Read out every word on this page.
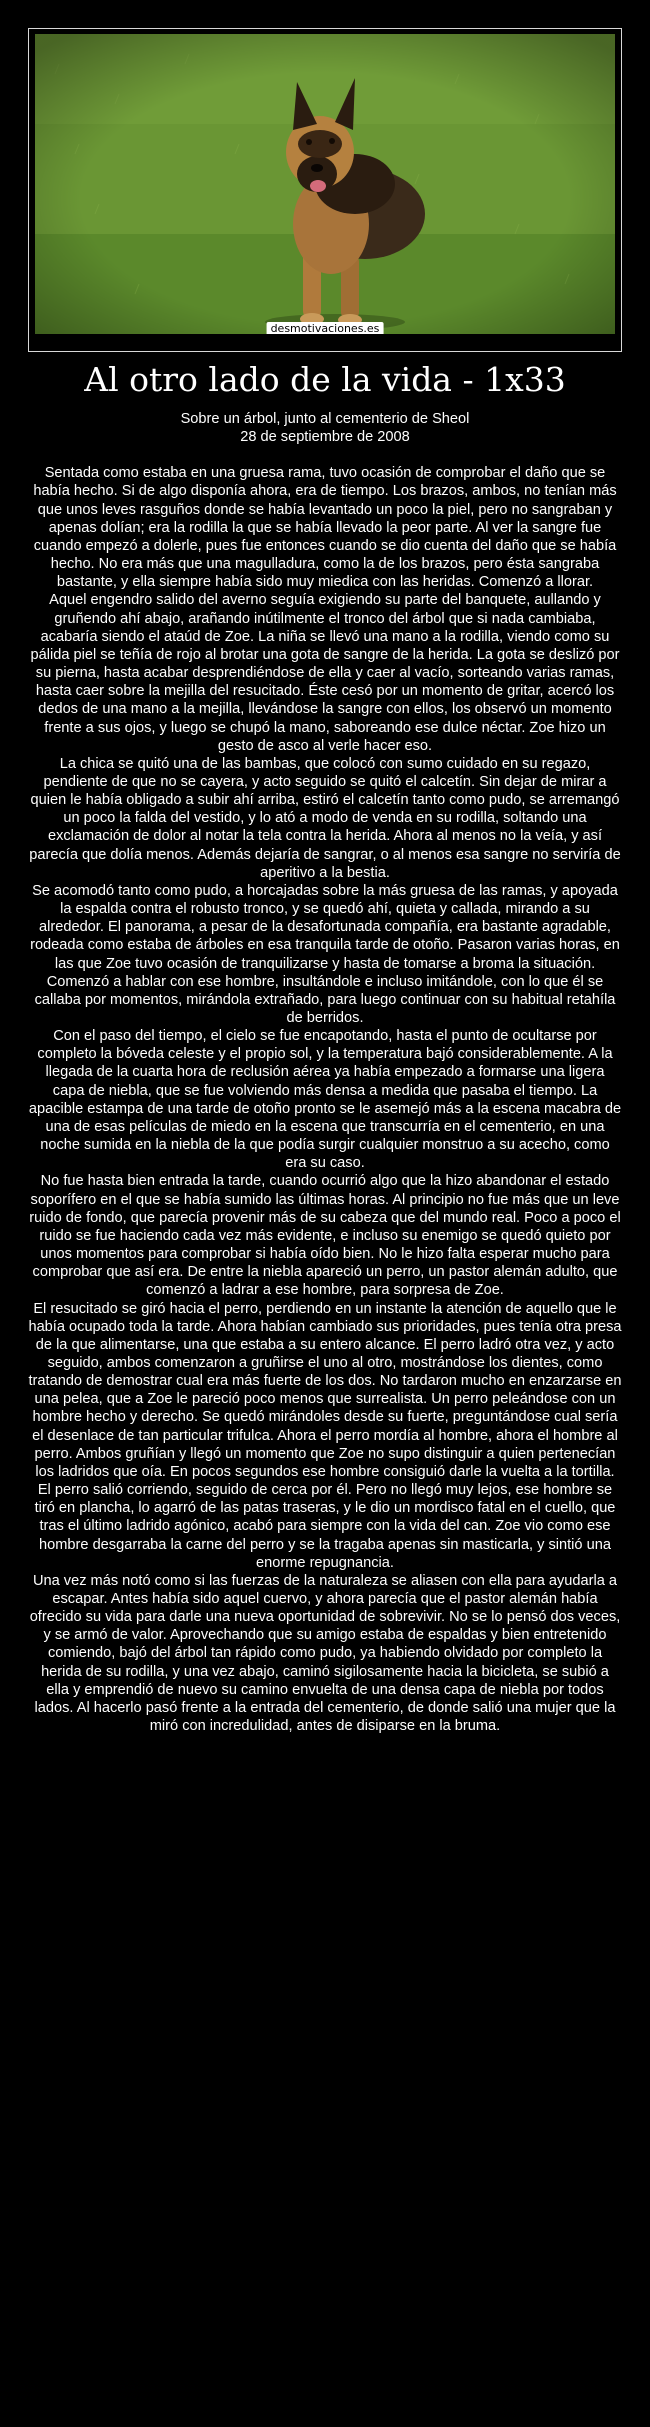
desmotivaciones.es
Al otro lado de la vida - 1x33

Sobre un árbol, junto al cementerio de Sheol

28 de septiembre de 2008

Sentada como estaba en una gruesa rama, tuvo ocasión de comprobar el daño que se había hecho. Si de algo disponía ahora, era de tiempo. Los brazos, ambos, no tenían más que unos leves rasguños donde se había levantado un poco la piel, pero no sangraban y apenas dolían; era la rodilla la que se había llevado la peor parte. Al ver la sangre fue cuando empezó a dolerle, pues fue entonces cuando se dio cuenta del daño que se había hecho. No era más que una magulladura, como la de los brazos, pero ésta sangraba bastante, y ella siempre había sido muy miedica con las heridas. Comenzó a llorar.

Aquel engendro salido del averno seguía exigiendo su parte del banquete, aullando y gruñendo ahí abajo, arañando inútilmente el tronco del árbol que si nada cambiaba, acabaría siendo el ataúd de Zoe. La niña se llevó una mano a la rodilla, viendo como su pálida piel se teñía de rojo al brotar una gota de sangre de la herida. La gota se deslizó por su pierna, hasta acabar desprendiéndose de ella y caer al vacío, sorteando varias ramas, hasta caer sobre la mejilla del resucitado. Éste cesó por un momento de gritar, acercó los dedos de una mano a la mejilla, llevándose la sangre con ellos, los observó un momento frente a sus ojos, y luego se chupó la mano, saboreando ese dulce néctar. Zoe hizo un gesto de asco al verle hacer eso.

La chica se quitó una de las bambas, que colocó con sumo cuidado en su regazo, pendiente de que no se cayera, y acto seguido se quitó el calcetín. Sin dejar de mirar a quien le había obligado a subir ahí arriba, estiró el calcetín tanto como pudo, se arremangó un poco la falda del vestido, y lo ató a modo de venda en su rodilla, soltando una exclamación de dolor al notar la tela contra la herida. Ahora al menos no la veía, y así parecía que dolía menos. Además dejaría de sangrar, o al menos esa sangre no serviría de aperitivo a la bestia.

Se acomodó tanto como pudo, a horcajadas sobre la más gruesa de las ramas, y apoyada la espalda contra el robusto tronco, y se quedó ahí, quieta y callada, mirando a su alrededor. El panorama, a pesar de la desafortunada compañía, era bastante agradable, rodeada como estaba de árboles en esa tranquila tarde de otoño. Pasaron varias horas, en las que Zoe tuvo ocasión de tranquilizarse y hasta de tomarse a broma la situación. Comenzó a hablar con ese hombre, insultándole e incluso imitándole, con lo que él se callaba por momentos, mirándola extrañado, para luego continuar con su habitual retahíla de berridos.

Con el paso del tiempo, el cielo se fue encapotando, hasta el punto de ocultarse por completo la bóveda celeste y el propio sol, y la temperatura bajó considerablemente. A la llegada de la cuarta hora de reclusión aérea ya había empezado a formarse una ligera capa de niebla, que se fue volviendo más densa a medida que pasaba el tiempo. La apacible estampa de una tarde de otoño pronto se le asemejó más a la escena macabra de una de esas películas de miedo en la escena que transcurría en el cementerio, en una noche sumida en la niebla de la que podía surgir cualquier monstruo a su acecho, como era su caso.

No fue hasta bien entrada la tarde, cuando ocurrió algo que la hizo abandonar el estado soporífero en el que se había sumido las últimas horas. Al principio no fue más que un leve ruido de fondo, que parecía provenir más de su cabeza que del mundo real. Poco a poco el ruido se fue haciendo cada vez más evidente, e incluso su enemigo se quedó quieto por unos momentos para comprobar si había oído bien. No le hizo falta esperar mucho para comprobar que así era. De entre la niebla apareció un perro, un pastor alemán adulto, que comenzó a ladrar a ese hombre, para sorpresa de Zoe.

El resucitado se giró hacia el perro, perdiendo en un instante la atención de aquello que le había ocupado toda la tarde. Ahora habían cambiado sus prioridades, pues tenía otra presa de la que alimentarse, una que estaba a su entero alcance. El perro ladró otra vez, y acto seguido, ambos comenzaron a gruñirse el uno al otro, mostrándose los dientes, como tratando de demostrar cual era más fuerte de los dos. No tardaron mucho en enzarzarse en una pelea, que a Zoe le pareció poco menos que surrealista. Un perro peleándose con un hombre hecho y derecho. Se quedó mirándoles desde su fuerte, preguntándose cual sería el desenlace de tan particular trifulca. Ahora el perro mordía al hombre, ahora el hombre al perro. Ambos gruñían y llegó un momento que Zoe no supo distinguir a quien pertenecían los ladridos que oía. En pocos segundos ese hombre consiguió darle la vuelta a la tortilla. El perro salió corriendo, seguido de cerca por él. Pero no llegó muy lejos, ese hombre se tiró en plancha, lo agarró de las patas traseras, y le dio un mordisco fatal en el cuello, que tras el último ladrido agónico, acabó para siempre con la vida del can. Zoe vio como ese hombre desgarraba la carne del perro y se la tragaba apenas sin masticarla, y sintió una enorme repugnancia.

Una vez más notó como si las fuerzas de la naturaleza se aliasen con ella para ayudarla a escapar. Antes había sido aquel cuervo, y ahora parecía que el pastor alemán había ofrecido su vida para darle una nueva oportunidad de sobrevivir. No se lo pensó dos veces, y se armó de valor. Aprovechando que su amigo estaba de espaldas y bien entretenido comiendo, bajó del árbol tan rápido como pudo, ya habiendo olvidado por completo la herida de su rodilla, y una vez abajo, caminó sigilosamente hacia la bicicleta, se subió a ella y emprendió de nuevo su camino envuelta de una densa capa de niebla por todos lados. Al hacerlo pasó frente a la entrada del cementerio, de donde salió una mujer que la miró con incredulidad, antes de disiparse en la bruma.
